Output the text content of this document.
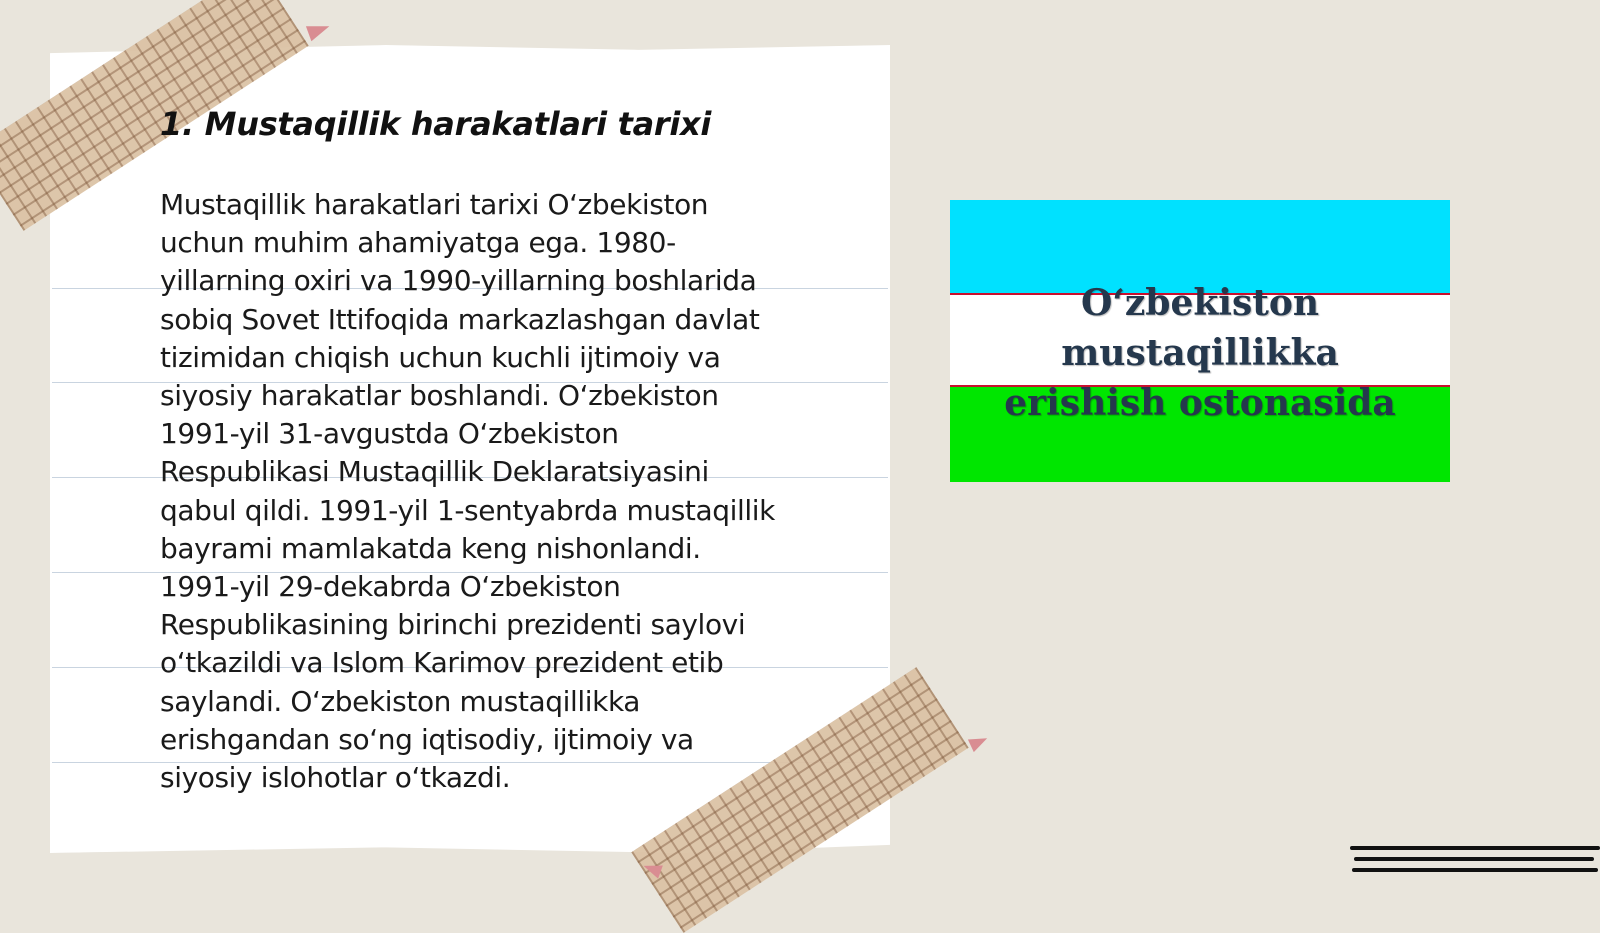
1. Mustaqillik harakatlari tarixi

Mustaqillik harakatlari tarixi O‘zbekiston
uchun muhim ahamiyatga ega. 1980-
yillarning oxiri va 1990-yillarning boshlarida
sobiq Sovet Ittifoqida markazlashgan davlat
tizimidan chiqish uchun kuchli ijtimoiy va
siyosiy harakatlar boshlandi. O‘zbekiston
1991-yil 31-avgustda O‘zbekiston
Respublikasi Mustaqillik Deklaratsiyasini
qabul qildi. 1991-yil 1-sentyabrda mustaqillik
bayrami mamlakatda keng nishonlandi.
1991-yil 29-dekabrda O‘zbekiston
Respublikasining birinchi prezidenti saylovi
o‘tkazildi va Islom Karimov prezident etib
saylandi. O‘zbekiston mustaqillikka
erishgandan so‘ng iqtisodiy, ijtimoiy va
siyosiy islohotlar o‘tkazdi.

O‘zbekiston
mustaqillikka
erishish ostonasida
